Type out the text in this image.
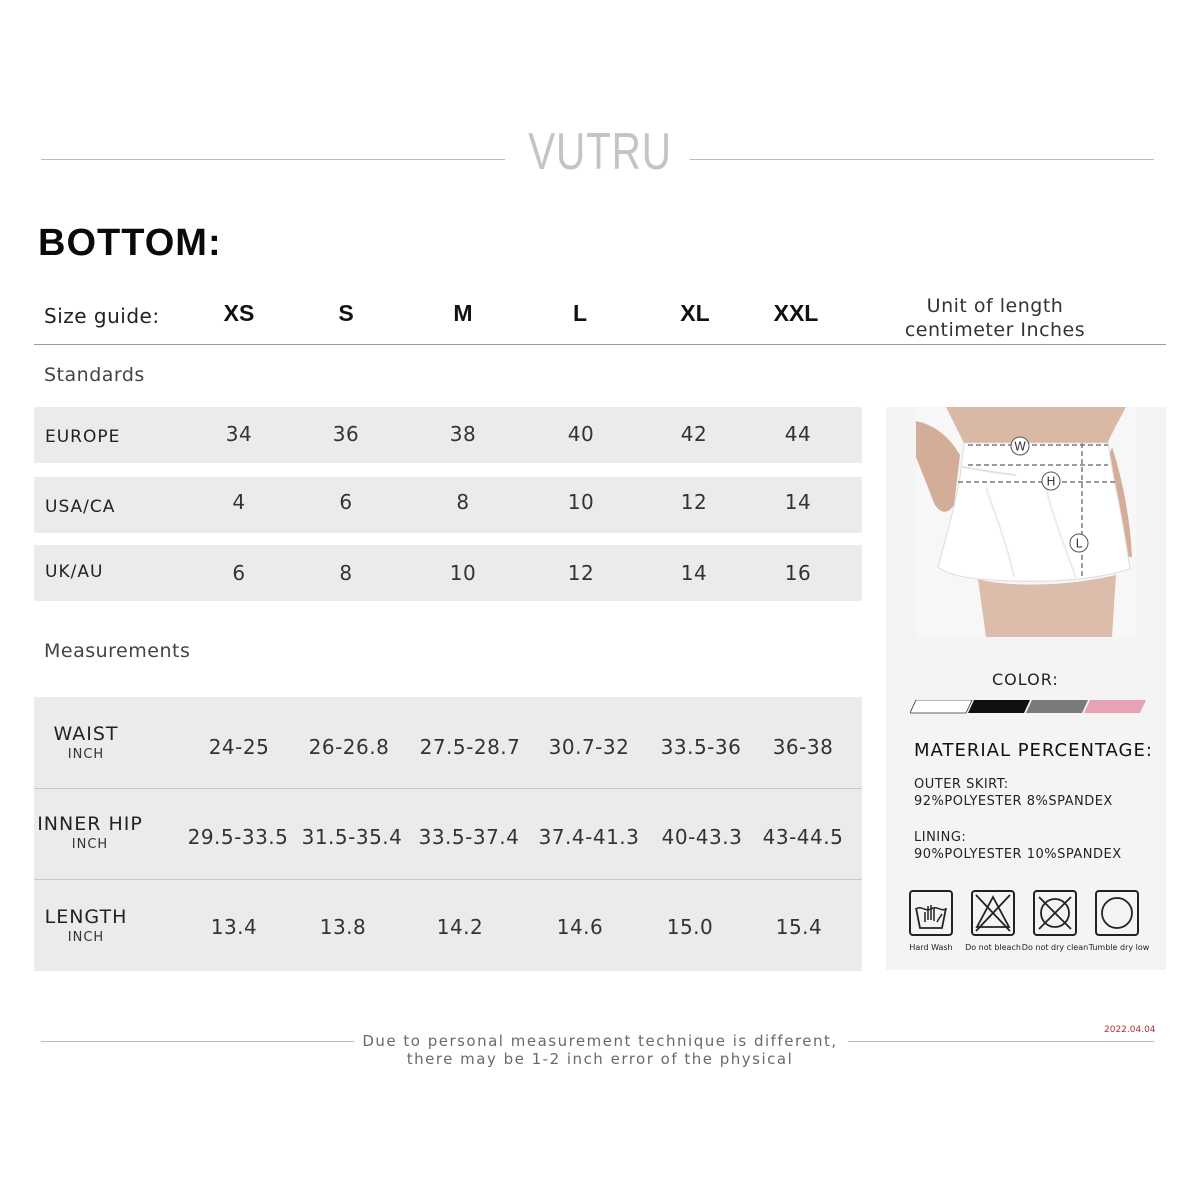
VUTRU
BOTTOM:
Size guide:	XS	S	M	L	XL	XXL	Unit of length
centimeter Inches
Standards
EUROPE	34	36	38	40	42	44
USA/CA	4	6	8	10	12	14
UK/AU	6	8	10	12	14	16
Measurements
WAIST
INCH	24-25	26-26.8	27.5-28.7	30.7-32	33.5-36	36-38
INNER HIP
INCH	29.5-33.5 31.5-35.4 33.5-37.4 37.4-41.3	40-43.3	43-44.5
LENGTH
INCH	13.4	13.8	14.2	14.6	15.0	15.4
W
H
L
COLOR:
MATERIAL PERCENTAGE:
OUTER SKIRT:
92%POLYESTER 8%SPANDEX
LINING:
90%POLYESTER 10%SPANDEX
Hard Wash	Do not bleach Do not dry clean Tumble dry low
2022.04.04
Due to personal measurement technique is different,
there may be 1-2 inch error of the physical
